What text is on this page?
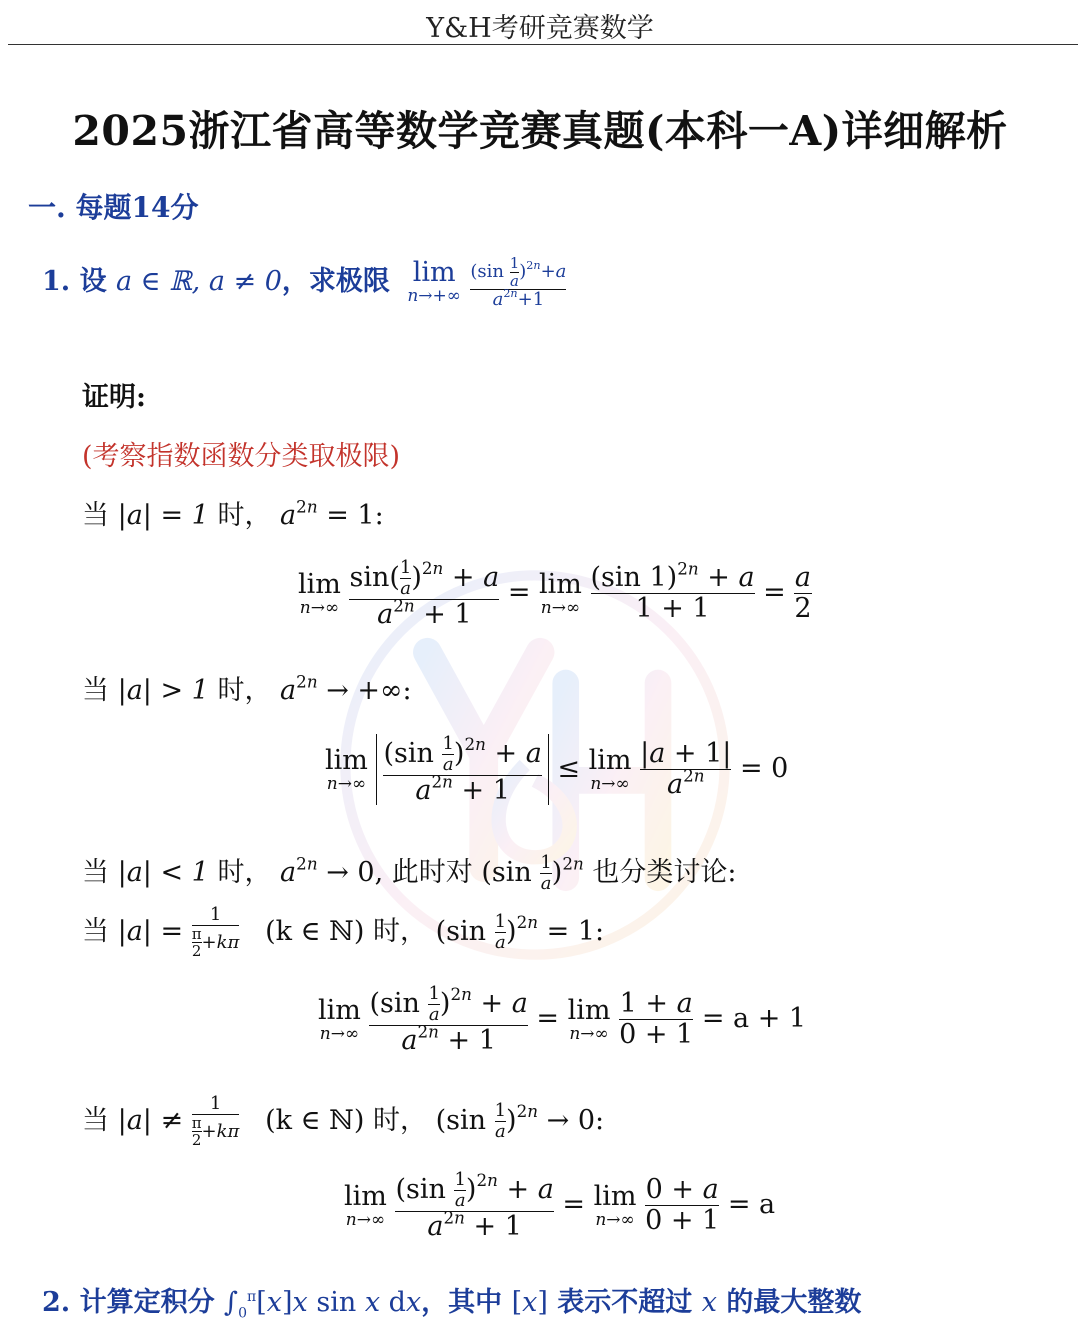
Y&H考研竞赛数学
2025浙江省高等数学竞赛真题(本科一A)详细解析
一. 每题14分
1. 设 a ∈ ℝ, a ≠ 0，求极限 lim
n→+∞
$\frac{(\sin \frac{1}{a} )^{2n}+a}{a^{2n}+1}$
证明:
(考察指数函数分类取极限)
当 |a| = 1 时， $a^{2n} = 1$:
lim
n→∞
$\frac{\sin( \frac{1}{a} )^{2n} + a}{a^{2n} + 1} = \lim$
n→∞
$\frac{(\sin 1)^{2n} + a}{1 + 1} = \frac{a}{2}$
当 |a| > 1 时， $a^{2n}$ → +∞:
lim
n→∞
$\frac{(\sin \frac{1}{a} )^{2n} + a}{a^{2n} + 1} \le \lim$
n→∞
$\frac{|a + 1|}{a^{2n}} = 0$
当 |a| < 1 时， $a^{2n} \to 0$, 此时对 $(\sin \frac{1}{a} )^{2n}$ 也分类讨论:
当 $|a| = \frac{1}{\frac{\pi}{2} +k\pi} (k$ ∈ ℕ) 时， $(\sin \frac{1}{a} )^{2n} = 1$:
lim
n→∞
$\frac{(\sin \frac{1}{a} )^{2n} + a}{a^{2n} + 1} = \lim$
n→∞
$\frac{1 + a}{0 + 1} = a + 1$
当 $|a| \ne \frac{1}{\frac{\pi}{2} +k\pi} (k$ ∈ ℕ) 时， $(\sin \frac{1}{a} )^{2n} \to 0$:
lim
n→∞
$\frac{(\sin \frac{1}{a} )^{2n} + a}{a^{2n} + 1} = \lim$
n→∞
$\frac{0 + a}{0 + 1} = a$
2. 计算定积分 $\int_0^\pi[x]x$ sin x dx，其中 [x] 表示不超过 x 的最大整数
